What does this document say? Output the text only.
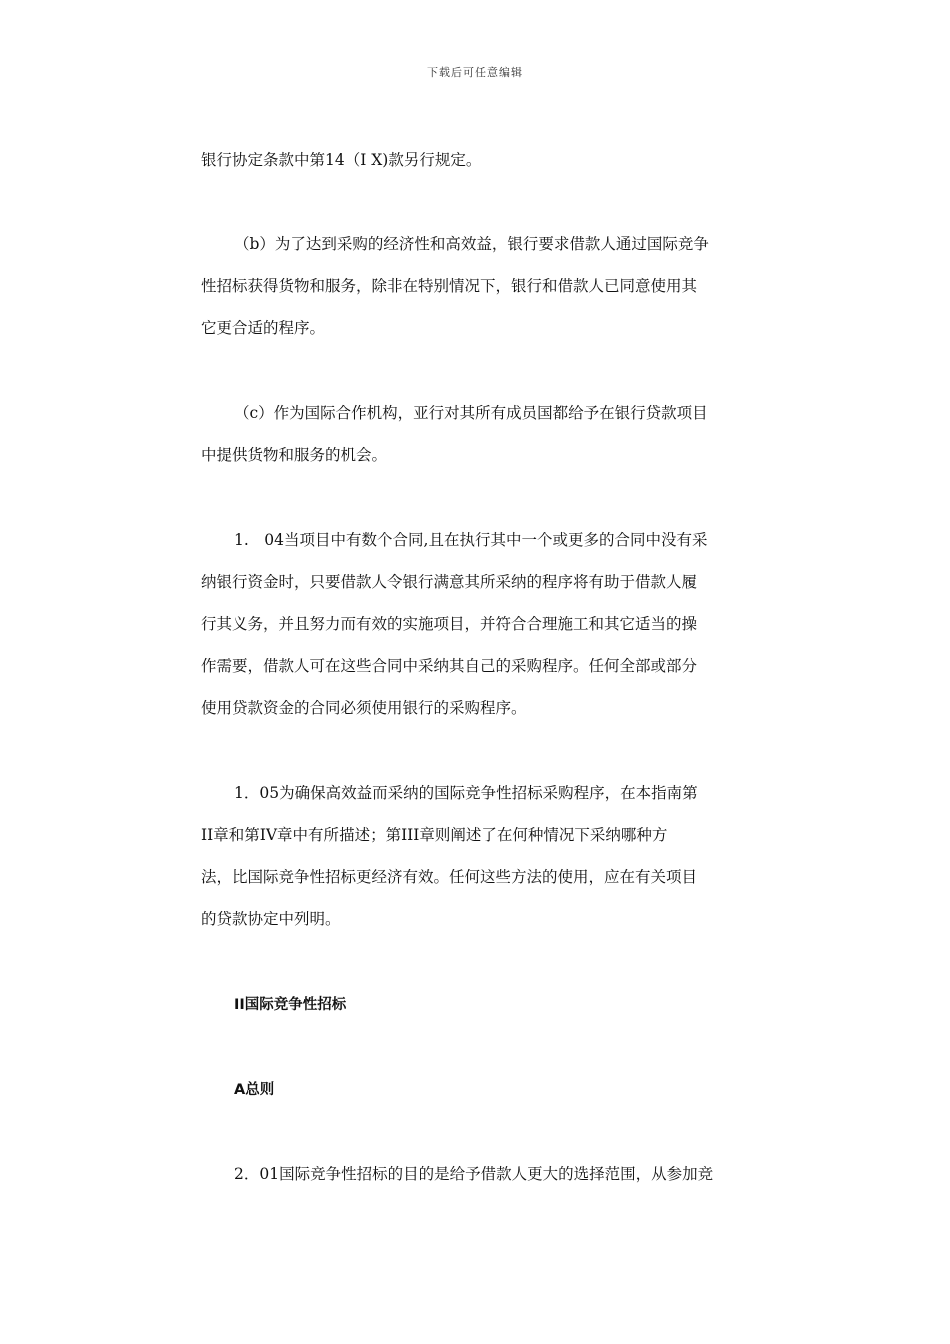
下载后可任意编辑
银行协定条款中第14（I X)款另行规定。
（b）为了达到采购的经济性和高效益，银行要求借款人通过国际竞争
性招标获得货物和服务，除非在特别情况下，银行和借款人已同意使用其
它更合适的程序。
（c）作为国际合作机构，亚行对其所有成员国都给予在银行贷款项目
中提供货物和服务的机会。
1.　04当项目中有数个合同,且在执行其中一个或更多的合同中没有采
纳银行资金时，只要借款人令银行满意其所采纳的程序将有助于借款人履
行其义务，并且努力而有效的实施项目，并符合合理施工和其它适当的操
作需要，借款人可在这些合同中采纳其自己的采购程序。任何全部或部分
使用贷款资金的合同必须使用银行的采购程序。
1．05为确保高效益而采纳的国际竞争性招标采购程序，在本指南第
II章和第IV章中有所描述；第III章则阐述了在何种情况下采纳哪种方
法，比国际竞争性招标更经济有效。任何这些方法的使用，应在有关项目
的贷款协定中列明。
II国际竞争性招标
A总则
2．01国际竞争性招标的目的是给予借款人更大的选择范围，从参加竞
